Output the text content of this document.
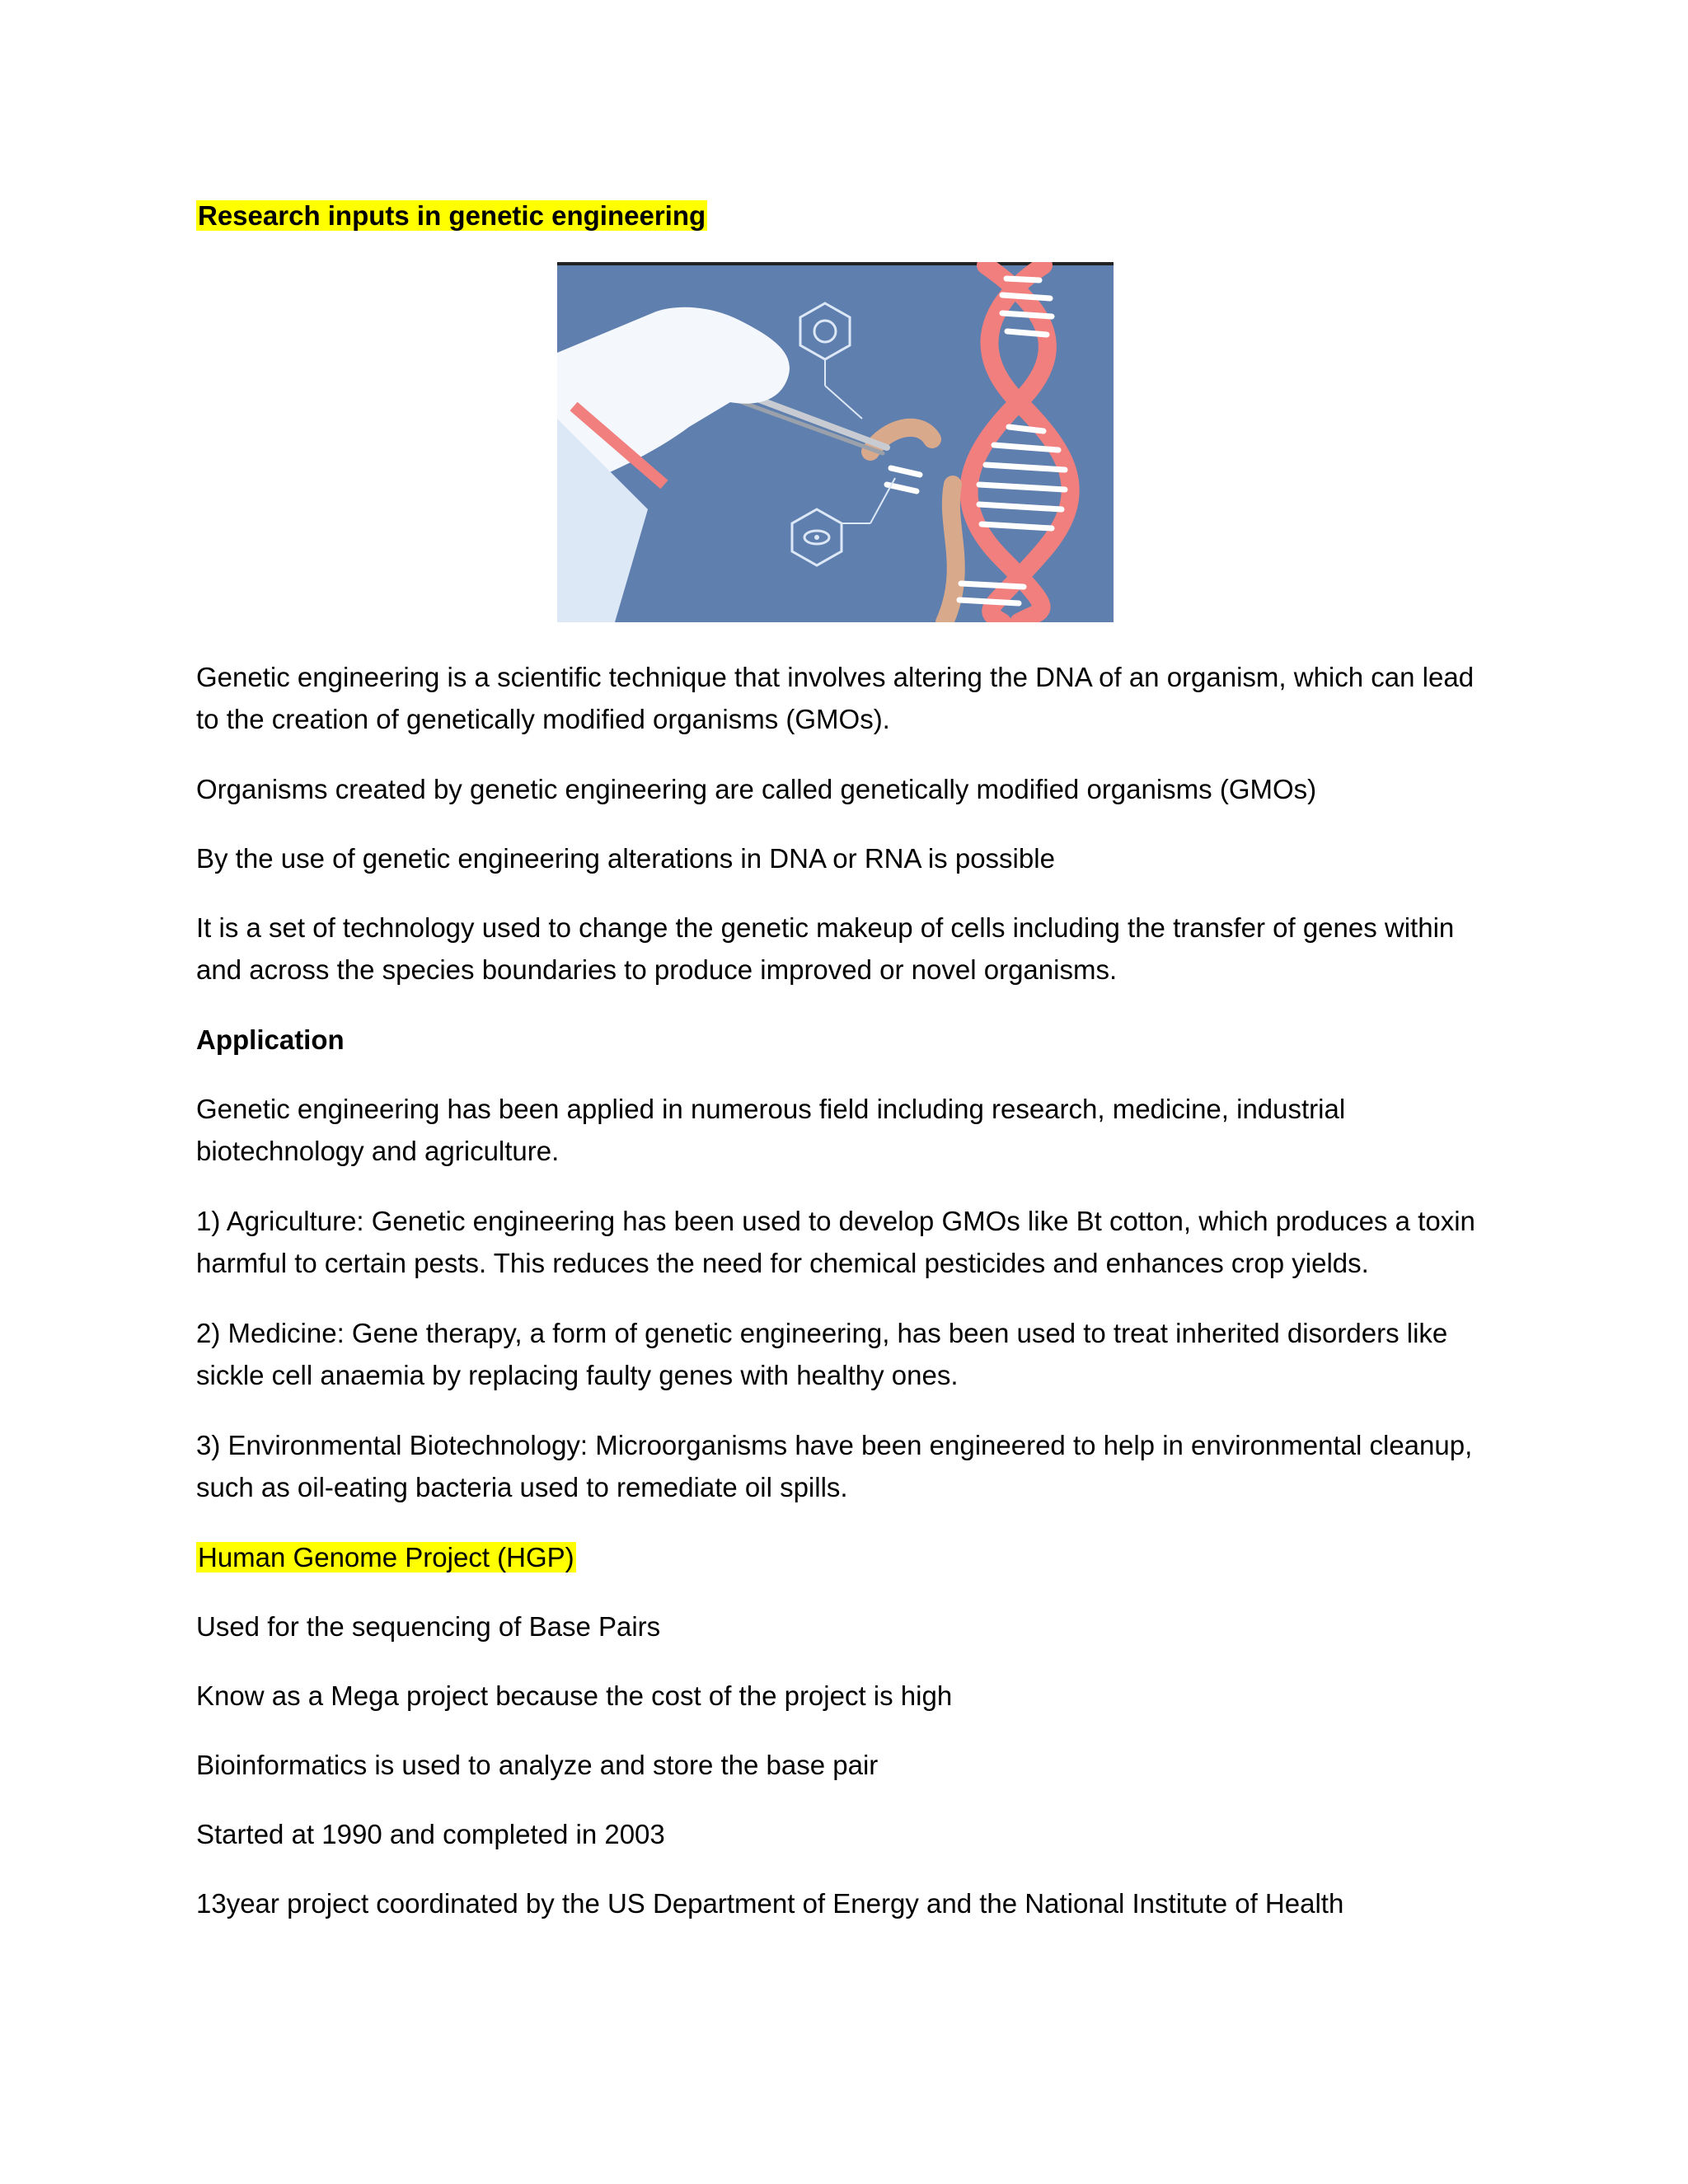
Research inputs in genetic engineering
Genetic engineering is a scientific technique that involves altering the DNA of an organism, which can lead to the creation of genetically modified organisms (GMOs).
Organisms created by genetic engineering are called genetically modified organisms (GMOs)
By the use of genetic engineering alterations in DNA or RNA is possible
It is a set of technology used to change the genetic makeup of cells including the transfer of genes within and across the species boundaries to produce improved or novel organisms.
Application
Genetic engineering has been applied in numerous field including research, medicine, industrial biotechnology and agriculture.
1) Agriculture: Genetic engineering has been used to develop GMOs like Bt cotton, which produces a toxin harmful to certain pests. This reduces the need for chemical pesticides and enhances crop yields.
2) Medicine: Gene therapy, a form of genetic engineering, has been used to treat inherited disorders like sickle cell anaemia by replacing faulty genes with healthy ones.
3) Environmental Biotechnology: Microorganisms have been engineered to help in environmental cleanup, such as oil-eating bacteria used to remediate oil spills.
Human Genome Project (HGP)
Used for the sequencing of Base Pairs
Know as a Mega project because the cost of the project is high
Bioinformatics is used to analyze and store the base pair
Started at 1990 and completed in 2003
13year project coordinated by the US Department of Energy and the National Institute of Health
